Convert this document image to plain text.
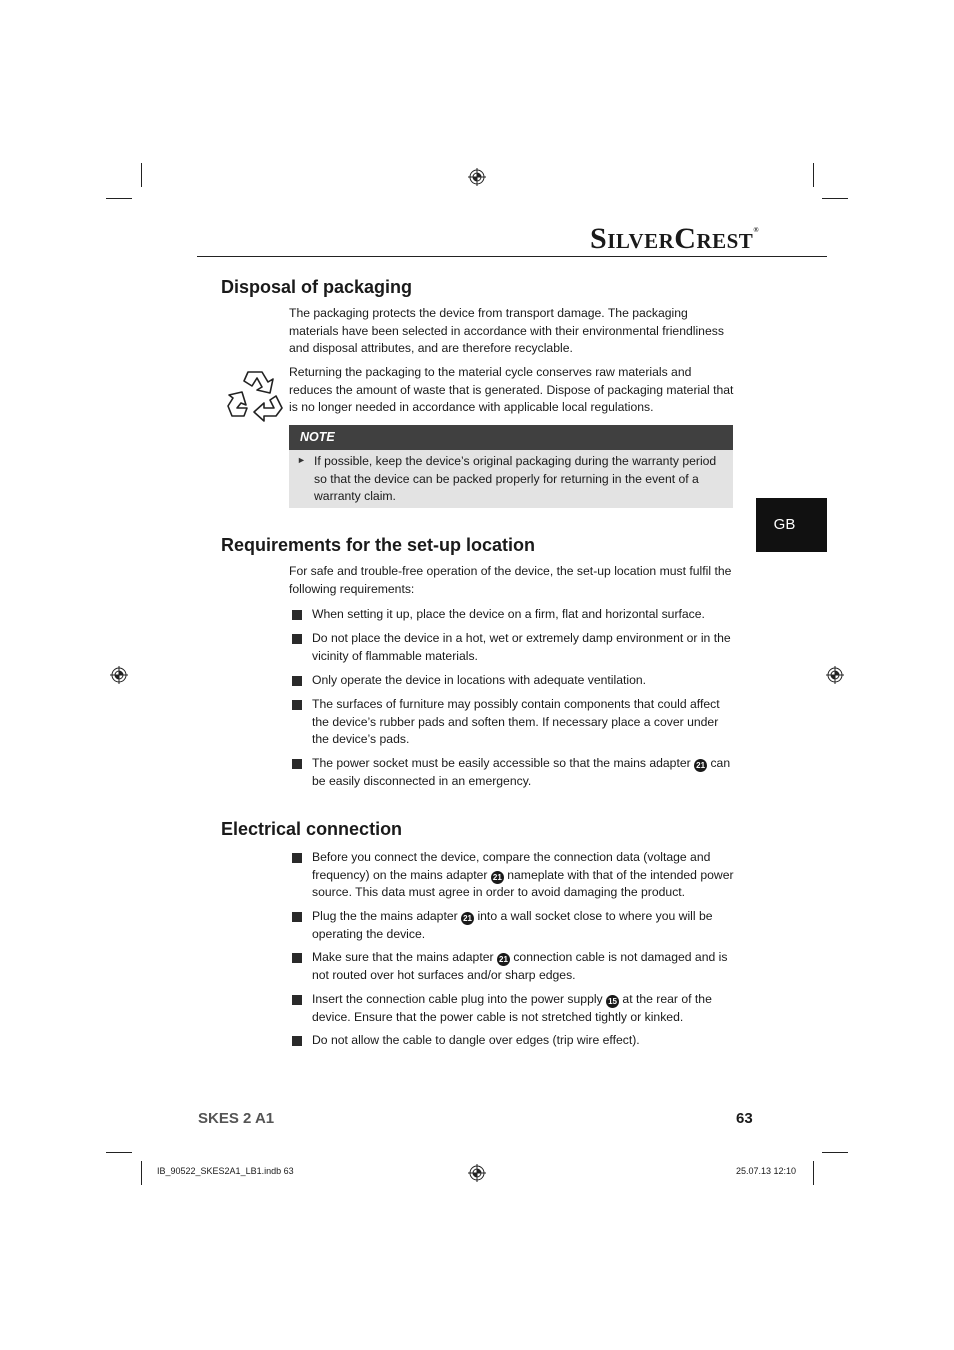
SILVERCREST®
GB
Disposal of packaging

The packaging protects the device from transport damage. The packaging materials have been selected in accordance with their environmental friendliness and disposal attributes, and are therefore recyclable.

Returning the packaging to the material cycle conserves raw materials and reduces the amount of waste that is generated. Dispose of packaging material that is no longer needed in accordance with applicable local regulations.

NOTE
► If possible, keep the device’s original packaging during the warranty period so that the device can be packed properly for returning in the event of a warranty claim.
Requirements for the set-up location

For safe and trouble-free operation of the device, the set-up location must fulfil the following requirements:

When setting it up, place the device on a firm, flat and horizontal surface.
Do not place the device in a hot, wet or extremely damp environment or in the vicinity of flammable materials.
Only operate the device in locations with adequate ventilation.
The surfaces of furniture may possibly contain components that could affect the device’s rubber pads and soften them. If necessary place a cover under the device’s pads.
The power socket must be easily accessible so that the mains adapter 21 can be easily disconnected in an emergency.
Electrical connection
Before you connect the device, compare the connection data (voltage and frequency) on the mains adapter 21 nameplate with that of the intended power source. This data must agree in order to avoid damaging the product.
Plug the the mains adapter 21 into a wall socket close to where you will be operating the device.
Make sure that the mains adapter 21 connection cable is not damaged and is not routed over hot surfaces and/or sharp edges.
Insert the connection cable plug into the power supply 15 at the rear of the device. Ensure that the power cable is not stretched tightly or kinked.
Do not allow the cable to dangle over edges (trip wire effect).
SKES 2 A1	63
IB_90522_SKES2A1_LB1.indb 63	25.07.13 12:10
